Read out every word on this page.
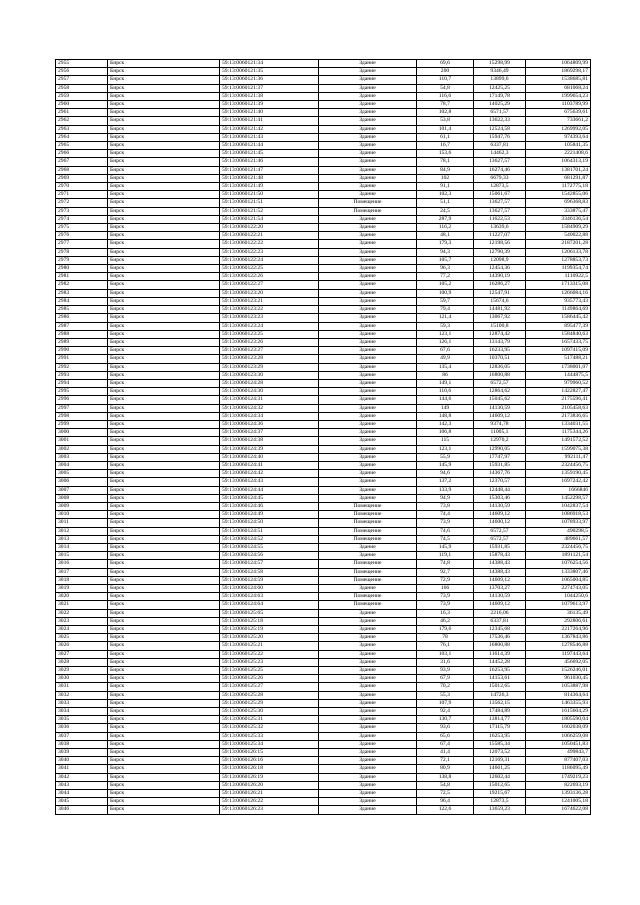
2955	Бирск	59:13:0060121:34	Здание	69,6	15298,99	1064809,99
2956	Бирск	59:13:0060121:35	Здание	200	9346,49	1869298,17
2957	Бирск	59:13:0060121:36	Здание	110,7	13899,6	1538685,81
2958	Бирск	59:13:0060121:37	Здание	54,8	12425,25	681068,24
2959	Бирск	59:13:0060121:38	Здание	116,6	17149,78	1999654,23
2960	Бирск	59:13:0060121:39	Здание	78,7	14025,29	1103789,99
2961	Бирск	59:13:0060121:40	Здание	102,8	6571,57	675639,61
2962	Бирск	59:13:0060121:41	Здание	53,8	13622,33	733661,2
2963	Бирск	59:13:0060121:42	Здание	101,4	12524,58	1269992,05
2964	Бирск	59:13:0060121:43	Здание	61,1	15947,76	974393,64
2965	Бирск	59:13:0060121:44	Здание	16,7	6337,81	105841,35
2966	Бирск	59:13:0060121:45	Здание	153,6	14462,3	2221408,6
2967	Бирск	59:13:0060121:46	Здание	78,1	13627,57	1064313,19
2968	Бирск	59:13:0060121:47	Здание	84,9	16274,46	1381701,24
2969	Бирск	59:13:0060121:48	Здание	102	6679,33	681291,87
2970	Бирск	59:13:0060121:49	Здание	91,1	12873,5	1172775,18
2971	Бирск	59:13:0060121:50	Здание	102,3	15061,67	1542855,06
2972	Бирск	59:13:0060121:51	Помещение	51,1	13627,57	696368,83
2973	Бирск	59:13:0060121:52	Помещение	24,5	13627,57	333875,47
2974	Бирск	59:13:0060121:54	Здание	287,9	11622,53	3346136,54
2975	Бирск	59:13:0060122:20	Здание	116,2	13639,6	1584909,29
2976	Бирск	59:13:0060122:21	Здание	48,1	11227,07	540022,88
2977	Бирск	59:13:0060122:22	Здание	179,3	12198,56	2187201,28
2978	Бирск	59:13:0060122:23	Здание	94,3	12790,39	1206133,78
2979	Бирск	59:13:0060122:24	Здание	105,7	12098,9	1278853,73
2980	Бирск	59:13:0060122:25	Здание	96,3	12454,36	1199354,74
2981	Бирск	59:13:0060122:26	Здание	77,2	14390,19	1110922,5
2982	Бирск	59:13:0060122:27	Здание	105,2	16286,27	1713315,08
2983	Бирск	59:13:0060123:20	Здание	100,9	12547,91	1266084,16
2984	Бирск	59:13:0060123:21	Здание	59,7	15674,6	935773,43
2985	Бирск	59:13:0060123:22	Здание	79,4	14481,92	1149864,69
2986	Бирск	59:13:0060123:23	Здание	121,4	13067,92	1586445,42
2987	Бирск	59:13:0060123:24	Здание	59,3	15100,8	895477,39
2988	Бирск	59:13:0060123:25	Здание	123,1	12874,42	1584840,63
2989	Бирск	59:13:0060123:26	Здание	126,1	13143,79	1657433,75
2990	Бирск	59:13:0060123:27	Здание	67,6	16233,95	1097415,09
2991	Бирск	59:13:0060123:28	Здание	49,9	10370,51	517488,21
2992	Бирск	59:13:0060123:29	Здание	135,4	12836,05	1738001,07
2993	Бирск	59:13:0060123:30	Здание	86	16800,88	1444875,5
2994	Бирск	59:13:0060124:28	Здание	149,1	6572,57	979960,52
2995	Бирск	59:13:0060124:30	Здание	110,6	12864,62	1422827,47
2996	Бирск	59:13:0060124:31	Здание	144,6	15045,62	2175596,41
2997	Бирск	59:13:0060124:32	Здание	149	14130,59	2105458,63
2998	Бирск	59:13:0060124:34	Здание	148,8	14609,12	2173836,65
2999	Бирск	59:13:0060124:36	Здание	142,3	9374,78	1334031,55
3000	Бирск	59:13:0060124:37	Здание	106,8	11005,1	1175344,26
3001	Бирск	59:13:0060124:38	Здание	115	12970,2	1491572,52
3002	Бирск	59:13:0060124:39	Здание	123,1	12990,05	1599075,38
3003	Бирск	59:13:0060124:40	Здание	55,9	17747,97	992111,47
3004	Бирск	59:13:0060124:41	Здание	145,9	15931,85	2324456,75
3005	Бирск	59:13:0060124:42	Здание	94,6	14367,76	1359190,45
3006	Бирск	59:13:0060124:43	Здание	137,2	12370,57	1697242,42
3007	Бирск	59:13:0060124:44	Здание	133,9	12448,44	1666846
3008	Бирск	59:13:0060124:45	Здание	94,9	15303,46	1452298,57
3009	Бирск	59:13:0060124:46	Помещение	73,8	14130,59	1042837,54
3010	Бирск	59:13:0060124:49	Помещение	74,4	14609,12	1086918,53
3011	Бирск	59:13:0060124:50	Помещение	73,9	14600,12	1078933,97
3012	Бирск	59:13:0060124:51	Помещение	74,6	6572,57	490298,5
3013	Бирск	59:13:0060124:52	Помещение	74,5	6572,57	489661,57
3014	Бирск	59:13:0060124:55	Здание	145,9	15931,85	2324456,75
3015	Бирск	59:13:0060124:56	Здание	119,1	15878,43	1891121,54
3016	Бирск	59:13:0060124:57	Помещение	74,8	14388,43	1076254,56
3017	Бирск	59:13:0060124:58	Помещение	92,7	14388,43	1333807,46
3018	Бирск	59:13:0060124:59	Помещение	72,9	14609,12	1065004,85
3019	Бирск	59:13:0060124:60	Здание	166	13703,27	2274743,05
3020	Бирск	59:13:0060124:63	Помещение	73,9	14130,59	1044250,6
3021	Бирск	59:13:0060124:64	Помещение	73,9	14609,12	1079613,97
3022	Бирск	59:13:0060125:65	Здание	16,3	2216,06	36135,49
3023	Бирск	59:13:0060125:18	Здание	46,2	6337,81	292806,61
3024	Бирск	59:13:0060125:19	Здание	179,6	12345,68	2217264,96
3025	Бирск	59:13:0060125:20	Здание	78	17536,46	1367843,86
3026	Бирск	59:13:0060125:21	Здание	76,1	16800,88	1278546,88
3027	Бирск	59:13:0060125:22	Здание	103,1	11614,39	1197443,64
3028	Бирск	59:13:0060125:23	Здание	31,6	14452,28	456692,05
3029	Бирск	59:13:0060125:25	Здание	93,9	16253,95	1526246,01
3030	Бирск	59:13:0060125:26	Здание	67,9	14153,61	961030,45
3031	Бирск	59:13:0060125:27	Здание	70,2	15012,65	1053887,98
3032	Бирск	59:13:0060125:28	Здание	55,3	14726,3	814364,64
3033	Бирск	59:13:0060125:29	Здание	107,9	13562,15	1463355,93
3034	Бирск	59:13:0060125:30	Здание	92,4	17484,89	1615604,29
3035	Бирск	59:13:0060125:31	Здание	130,7	13814,77	1805590,04
3036	Бирск	59:13:0060125:32	Здание	93,6	17115,79	1602038,09
3037	Бирск	59:13:0060125:33	Здание	65,6	16253,95	1066259,08
3038	Бирск	59:13:0060125:34	Здание	67,4	15585,34	1050451,83
3039	Бирск	59:13:0060126:15	Здание	41,4	12073,52	499843,7
3040	Бирск	59:13:0060126:16	Здание	72,1	12169,31	877407,03
3041	Бирск	59:13:0060126:18	Здание	80,9	14661,25	1186095,49
3042	Бирск	59:13:0060126:19	Здание	138,8	12602,44	1749219,23
3043	Бирск	59:13:0060126:20	Здание	54,8	15012,65	822693,19
3044	Бирск	59:13:0060126:21	Здание	72,5	19215,67	1393136,28
3045	Бирск	59:13:0060126:22	Здание	96,4	12873,5	1241005,18
3046	Бирск	59:13:0060126:23	Здание	122,6	13659,23	1674622,08
